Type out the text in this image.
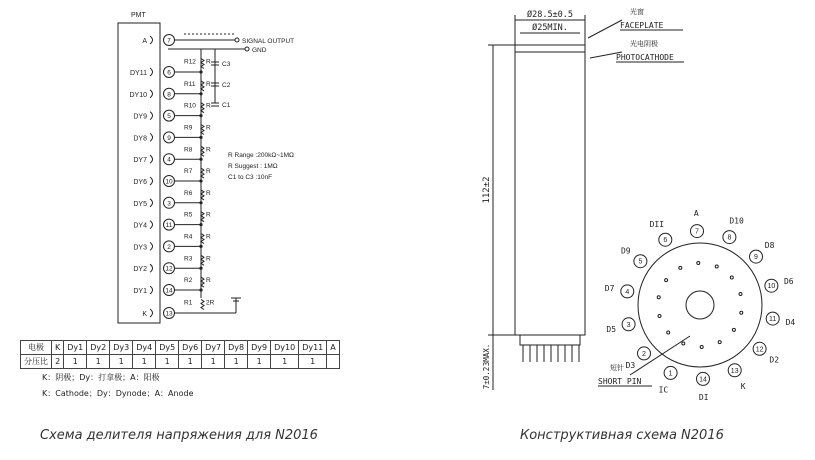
PMT
A	7
DY11	6
DY10	8
DY9	5
DY8	9
DY7	4
DY6	10
DY5	3
DY4	11
DY3	2
DY2	12
DY1	14
K	13
R12 R
R11 R
R10 R
R9 R
R8 R
R7 R
R6 R
R5 R
R4 R
R3 R
R2 R
R1 2R
C3
C2
C1
SIGNAL OUTPUT
GND
R Range :200kΩ~1MΩ
R Suggest : 1MΩ
C1 to C3 :10nF
Ø28.5±0.5
Ø25MIN.
光窗
FACEPLATE
光电阴极
PHOTOCATHODE
112±2
3MAX.
7±0.2
6
DII
7
A
8
D10
9
D8
10
D6
11 D4
12
D2
13
K
14
DI
1
IC
2
D3
3
D5
4
D7
5
D9
短针
SHORT PIN
Схема делителя напряжения для N2016	Конструктивная схема N2016
电极	K	Dy1	Dy2	Dy3	Dy4	Dy5	Dy6	Dy7	Dy8	Dy9	Dy10	Dy11	A
分压比	2	1	1	1	1	1	1	1	1	1	1	1	
K：阴极；Dy：打拿极；A：阳极
K：Cathode；Dy：Dynode；A：Anode
